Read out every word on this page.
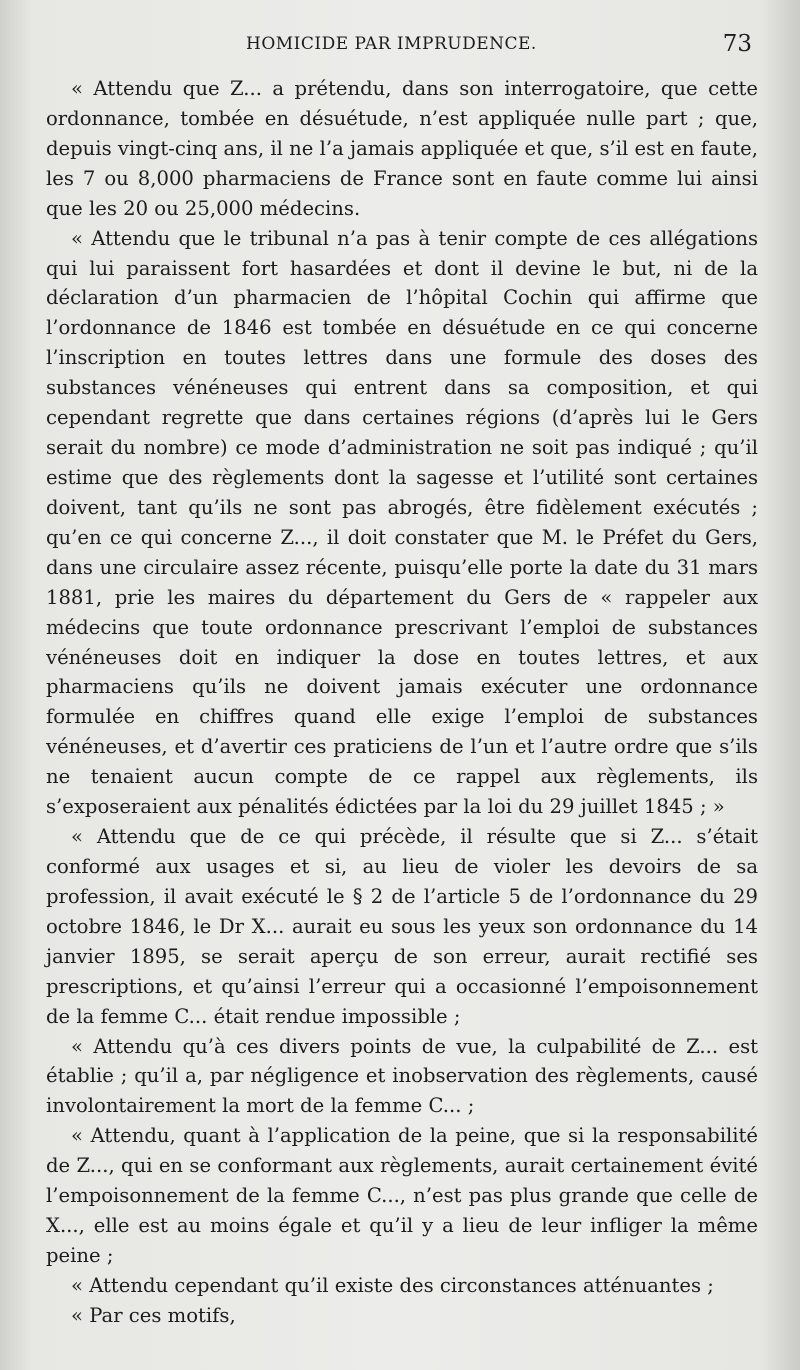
HOMICIDE PAR IMPRUDENCE.	73

« Attendu que Z... a prétendu, dans son interrogatoire, que cette ordonnance, tombée en désuétude, n’est appliquée nulle part ; que, depuis vingt-cinq ans, il ne l’a jamais appliquée et que, s’il est en faute, les 7 ou 8,000 pharmaciens de France sont en faute comme lui ainsi que les 20 ou 25,000 médecins.

« Attendu que le tribunal n’a pas à tenir compte de ces allégations qui lui paraissent fort hasardées et dont il devine le but, ni de la déclaration d’un pharmacien de l’hôpital Cochin qui affirme que l’ordonnance de 1846 est tombée en désuétude en ce qui concerne l’inscription en toutes lettres dans une formule des doses des substances vénéneuses qui entrent dans sa composition, et qui cependant regrette que dans certaines régions (d’après lui le Gers serait du nombre) ce mode d’administration ne soit pas indiqué ; qu’il estime que des règlements dont la sagesse et l’utilité sont certaines doivent, tant qu’ils ne sont pas abrogés, être fidèlement exécutés ; qu’en ce qui concerne Z..., il doit constater que M. le Préfet du Gers, dans une circulaire assez récente, puisqu’elle porte la date du 31 mars 1881, prie les maires du département du Gers de « rappeler aux médecins que toute ordonnance prescrivant l’emploi de substances vénéneuses doit en indiquer la dose en toutes lettres, et aux pharmaciens qu’ils ne doivent jamais exécuter une ordonnance formulée en chiffres quand elle exige l’emploi de substances vénéneuses, et d’avertir ces praticiens de l’un et l’autre ordre que s’ils ne tenaient aucun compte de ce rappel aux règlements, ils s’exposeraient aux pénalités édictées par la loi du 29 juillet 1845 ; »

« Attendu que de ce qui précède, il résulte que si Z... s’était conformé aux usages et si, au lieu de violer les devoirs de sa profession, il avait exécuté le § 2 de l’article 5 de l’ordonnance du 29 octobre 1846, le Dr X... aurait eu sous les yeux son ordonnance du 14 janvier 1895, se serait aperçu de son erreur, aurait rectifié ses prescriptions, et qu’ainsi l’erreur qui a occasionné l’empoisonnement de la femme C... était rendue impossible ;

« Attendu qu’à ces divers points de vue, la culpabilité de Z... est établie ; qu’il a, par négligence et inobservation des règlements, causé involontairement la mort de la femme C... ;

« Attendu, quant à l’application de la peine, que si la responsabilité de Z..., qui en se conformant aux règlements, aurait certainement évité l’empoisonnement de la femme C..., n’est pas plus grande que celle de X..., elle est au moins égale et qu’il y a lieu de leur infliger la même peine ;

« Attendu cependant qu’il existe des circonstances atténuantes ;

« Par ces motifs,
